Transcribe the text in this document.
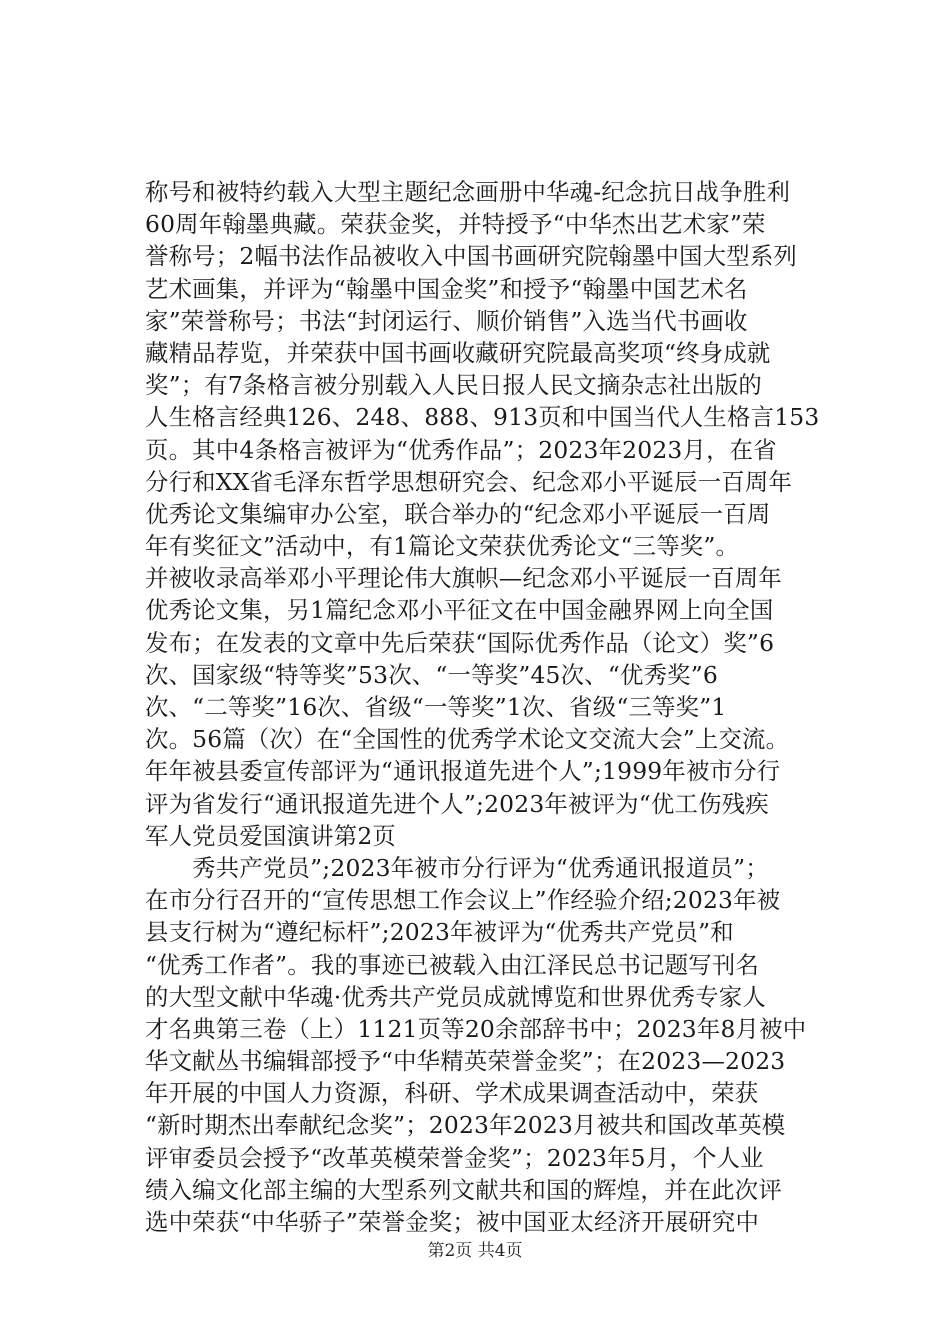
称号和被特约载入大型主题纪念画册中华魂-纪念抗日战争胜利
60周年翰墨典藏。荣获金奖，并特授予“中华杰出艺术家”荣
誉称号；2幅书法作品被收入中国书画研究院翰墨中国大型系列
艺术画集，并评为“翰墨中国金奖”和授予“翰墨中国艺术名
家”荣誉称号；书法“封闭运行、顺价销售”入选当代书画收
藏精品荐览，并荣获中国书画收藏研究院最高奖项“终身成就
奖”；有7条格言被分别载入人民日报人民文摘杂志社出版的
人生格言经典126、248、888、913页和中国当代人生格言153
页。其中4条格言被评为“优秀作品”；2023年2023月，在省
分行和XX省毛泽东哲学思想研究会、纪念邓小平诞辰一百周年
优秀论文集编审办公室，联合举办的“纪念邓小平诞辰一百周
年有奖征文”活动中，有1篇论文荣获优秀论文“三等奖”。
并被收录高举邓小平理论伟大旗帜—纪念邓小平诞辰一百周年
优秀论文集，另1篇纪念邓小平征文在中国金融界网上向全国
发布；在发表的文章中先后荣获“国际优秀作品（论文）奖”6
次、国家级“特等奖”53次、“一等奖”45次、“优秀奖”6
次、“二等奖”16次、省级“一等奖”1次、省级“三等奖”1
次。56篇（次）在“全国性的优秀学术论文交流大会”上交流。
年年被县委宣传部评为“通讯报道先进个人”;1999年被市分行
评为省发行“通讯报道先进个人”;2023年被评为“优工伤残疾
军人党员爱国演讲第2页
　　秀共产党员”;2023年被市分行评为“优秀通讯报道员”；
在市分行召开的“宣传思想工作会议上”作经验介绍;2023年被
县支行树为“遵纪标杆”;2023年被评为“优秀共产党员”和
“优秀工作者”。我的事迹已被载入由江泽民总书记题写刊名
的大型文献中华魂·优秀共产党员成就博览和世界优秀专家人
才名典第三卷（上）1121页等20余部辞书中；2023年8月被中
华文献丛书编辑部授予“中华精英荣誉金奖”；在2023—2023
年开展的中国人力资源，科研、学术成果调查活动中，荣获
“新时期杰出奉献纪念奖”；2023年2023月被共和国改革英模
评审委员会授予“改革英模荣誉金奖”；2023年5月，个人业
绩入编文化部主编的大型系列文献共和国的辉煌，并在此次评
选中荣获“中华骄子”荣誉金奖；被中国亚太经济开展研究中
第2页 共4页
